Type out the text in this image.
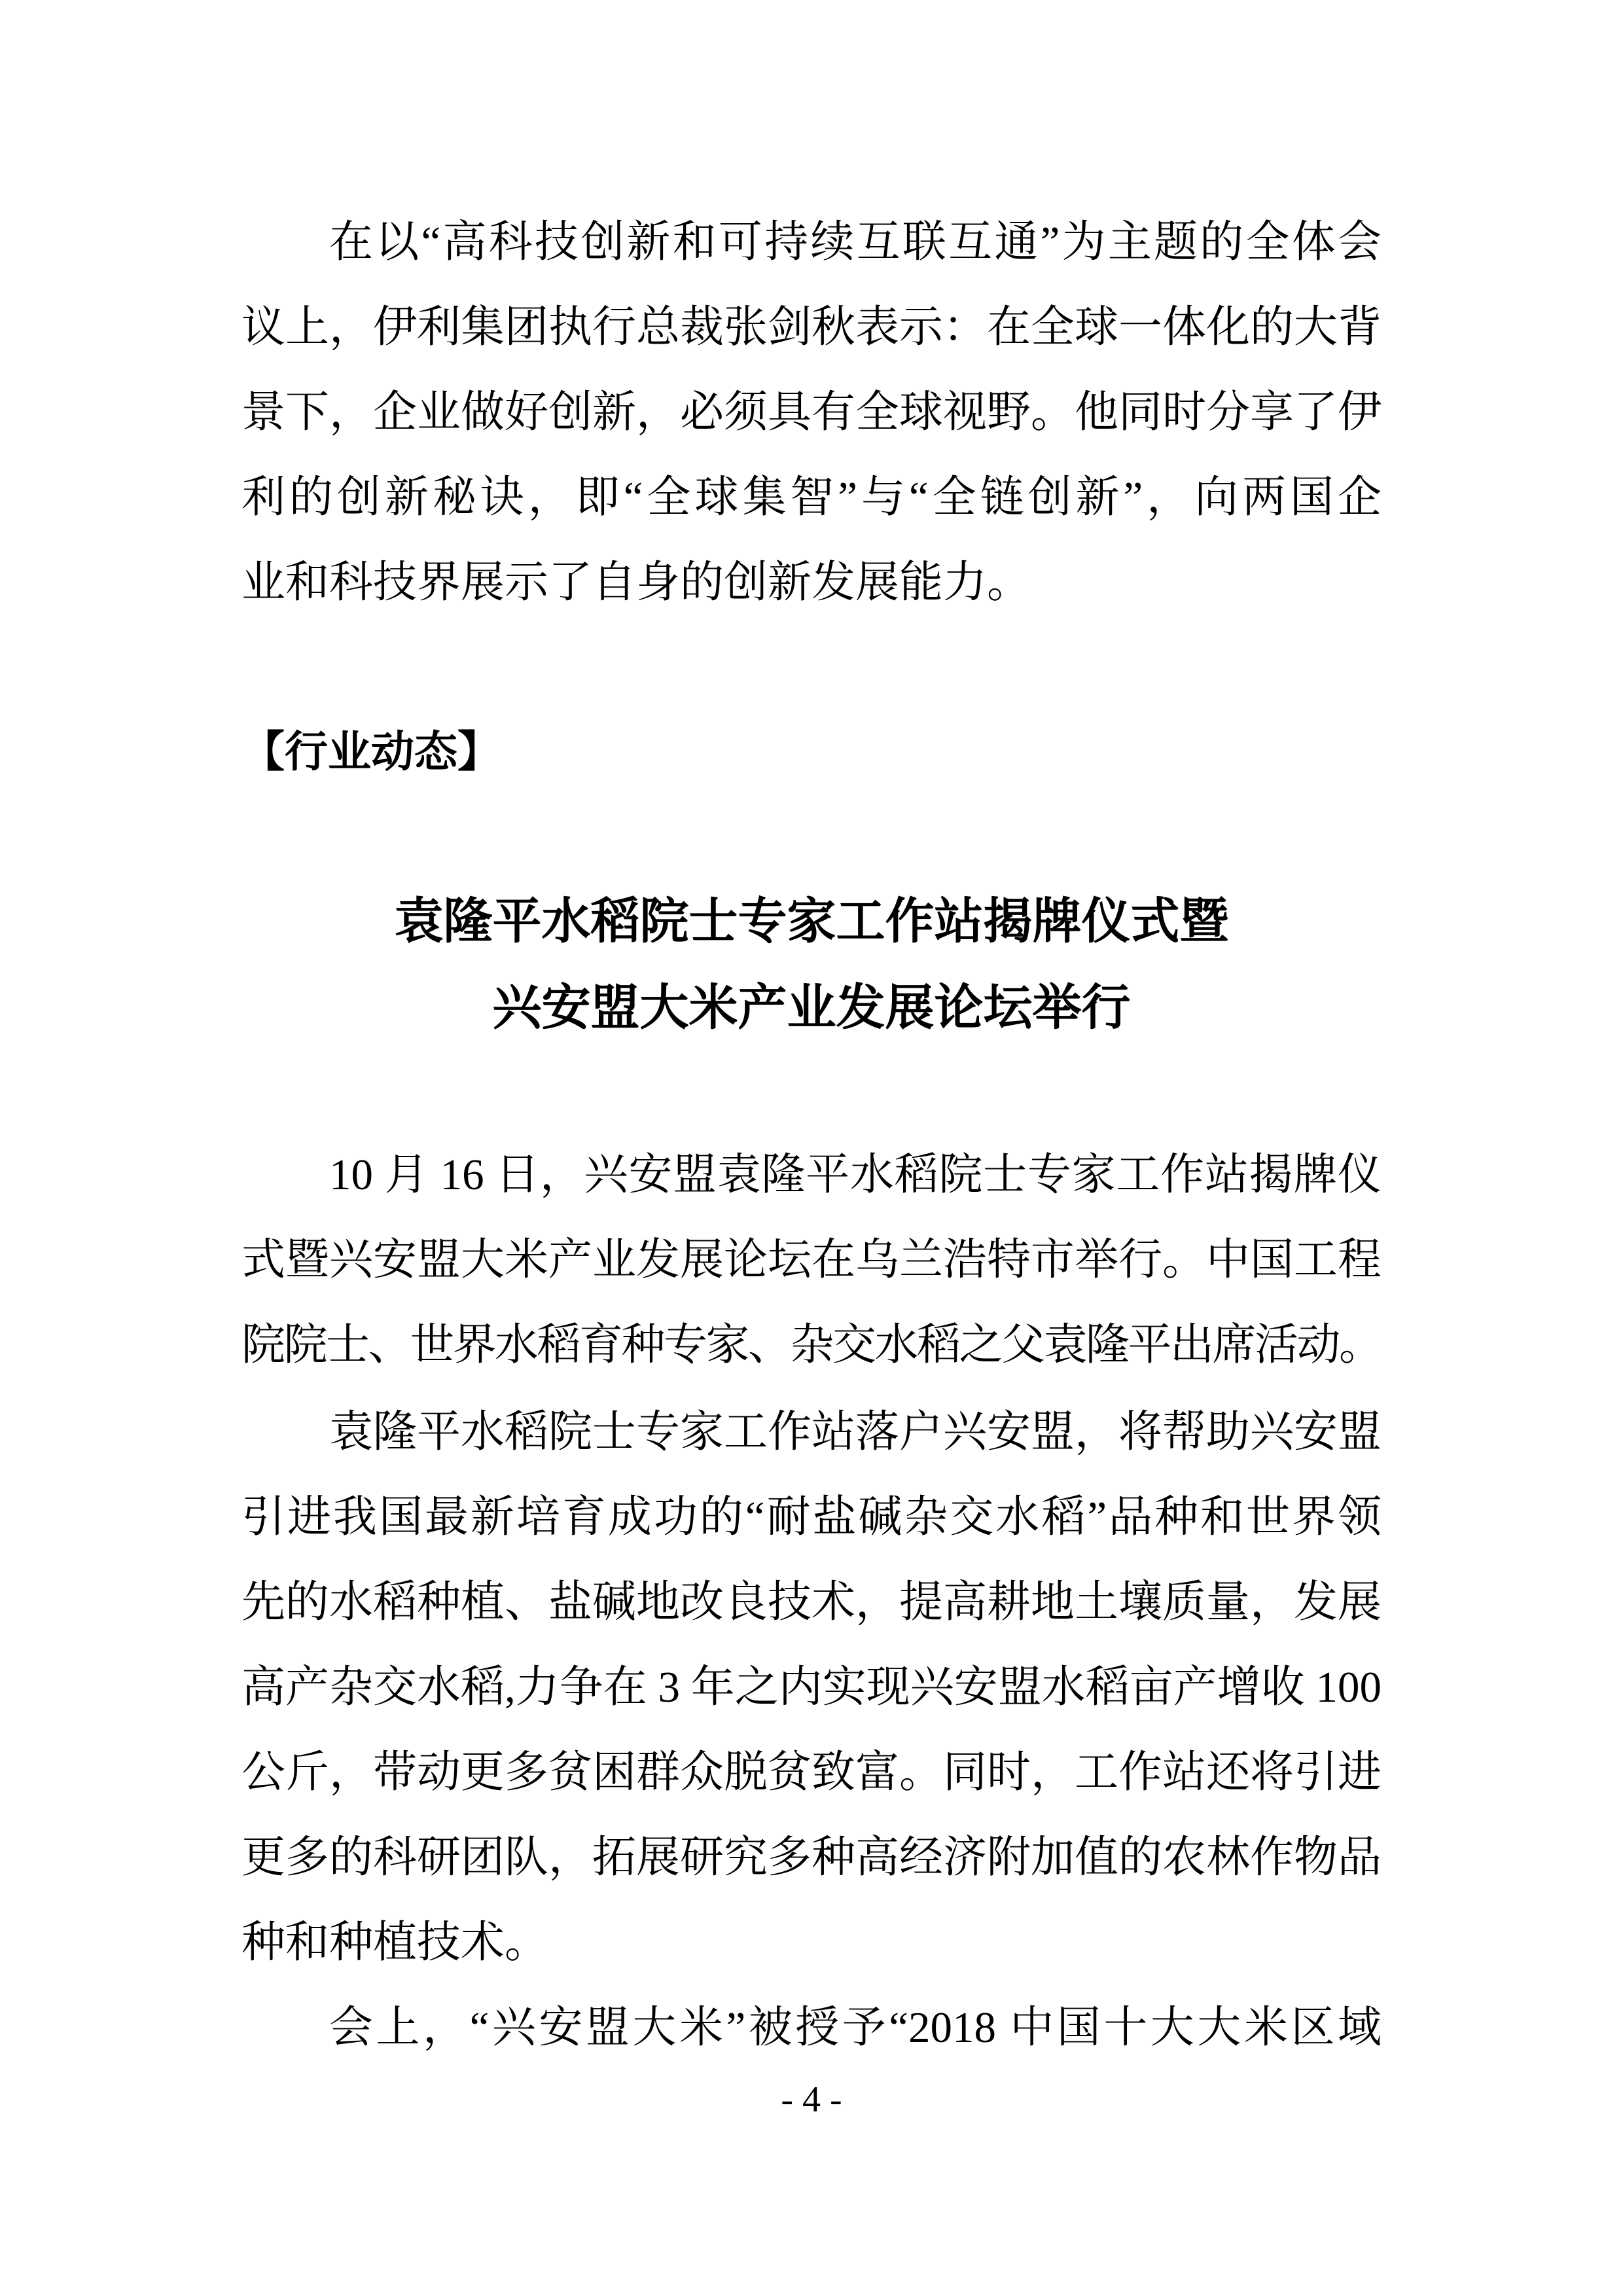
在以“高科技创新和可持续互联互通”为主题的全体会
议上，伊利集团执行总裁张剑秋表示：在全球一体化的大背
景下，企业做好创新，必须具有全球视野。他同时分享了伊
利的创新秘诀，即“全球集智”与“全链创新”，向两国企
业和科技界展示了自身的创新发展能力。
【行业动态】
袁隆平水稻院士专家工作站揭牌仪式暨
兴安盟大米产业发展论坛举行
10 月 16 日，兴安盟袁隆平水稻院士专家工作站揭牌仪
式暨兴安盟大米产业发展论坛在乌兰浩特市举行。中国工程
院院士、世界水稻育种专家、杂交水稻之父袁隆平出席活动。
袁隆平水稻院士专家工作站落户兴安盟，将帮助兴安盟
引进我国最新培育成功的“耐盐碱杂交水稻”品种和世界领
先的水稻种植、盐碱地改良技术，提高耕地土壤质量，发展
高产杂交水稻,力争在 3 年之内实现兴安盟水稻亩产增收 100
公斤，带动更多贫困群众脱贫致富。同时，工作站还将引进
更多的科研团队，拓展研究多种高经济附加值的农林作物品
种和种植技术。
会上，“兴安盟大米”被授予“2018 中国十大大米区域
- 4 -
